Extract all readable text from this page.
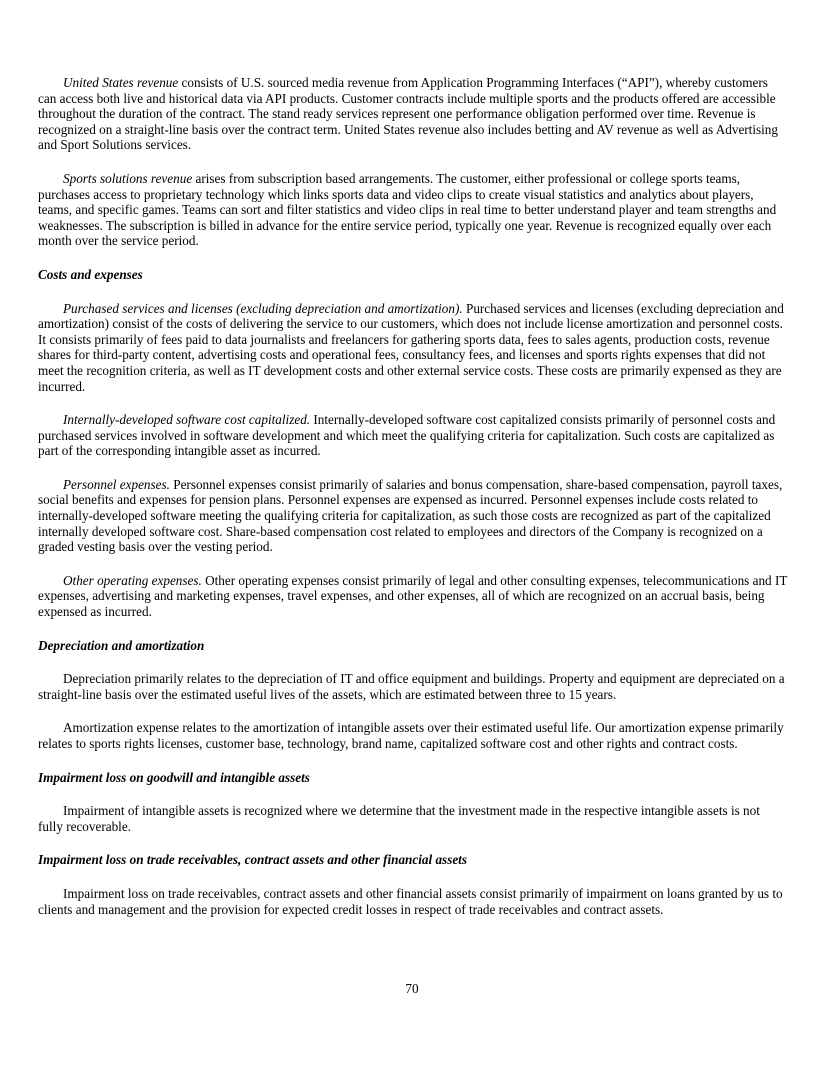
United States revenue consists of U.S. sourced media revenue from Application Programming Interfaces (“API”), whereby customers can access both live and historical data via API products. Customer contracts include multiple sports and the products offered are accessible throughout the duration of the contract. The stand ready services represent one performance obligation performed over time. Revenue is recognized on a straight-line basis over the contract term. United States revenue also includes betting and AV revenue as well as Advertising and Sport Solutions services.

Sports solutions revenue arises from subscription based arrangements. The customer, either professional or college sports teams, purchases access to proprietary technology which links sports data and video clips to create visual statistics and analytics about players, teams, and specific games. Teams can sort and filter statistics and video clips in real time to better understand player and team strengths and weaknesses. The subscription is billed in advance for the entire service period, typically one year. Revenue is recognized equally over each month over the service period.

Costs and expenses

Purchased services and licenses (excluding depreciation and amortization). Purchased services and licenses (excluding depreciation and amortization) consist of the costs of delivering the service to our customers, which does not include license amortization and personnel costs. It consists primarily of fees paid to data journalists and freelancers for gathering sports data, fees to sales agents, production costs, revenue shares for third-party content, advertising costs and operational fees, consultancy fees, and licenses and sports rights expenses that did not meet the recognition criteria, as well as IT development costs and other external service costs. These costs are primarily expensed as they are incurred.

Internally-developed software cost capitalized. Internally-developed software cost capitalized consists primarily of personnel costs and purchased services involved in software development and which meet the qualifying criteria for capitalization. Such costs are capitalized as part of the corresponding intangible asset as incurred.

Personnel expenses. Personnel expenses consist primarily of salaries and bonus compensation, share-based compensation, payroll taxes, social benefits and expenses for pension plans. Personnel expenses are expensed as incurred. Personnel expenses include costs related to internally-developed software meeting the qualifying criteria for capitalization, as such those costs are recognized as part of the capitalized internally developed software cost. Share-based compensation cost related to employees and directors of the Company is recognized on a graded vesting basis over the vesting period.

Other operating expenses. Other operating expenses consist primarily of legal and other consulting expenses, telecommunications and IT expenses, advertising and marketing expenses, travel expenses, and other expenses, all of which are recognized on an accrual basis, being expensed as incurred.

Depreciation and amortization

Depreciation primarily relates to the depreciation of IT and office equipment and buildings. Property and equipment are depreciated on a straight-line basis over the estimated useful lives of the assets, which are estimated between three to 15 years.

Amortization expense relates to the amortization of intangible assets over their estimated useful life. Our amortization expense primarily relates to sports rights licenses, customer base, technology, brand name, capitalized software cost and other rights and contract costs.

Impairment loss on goodwill and intangible assets

Impairment of intangible assets is recognized where we determine that the investment made in the respective intangible assets is not fully recoverable.

Impairment loss on trade receivables, contract assets and other financial assets

Impairment loss on trade receivables, contract assets and other financial assets consist primarily of impairment on loans granted by us to clients and management and the provision for expected credit losses in respect of trade receivables and contract assets.

70
